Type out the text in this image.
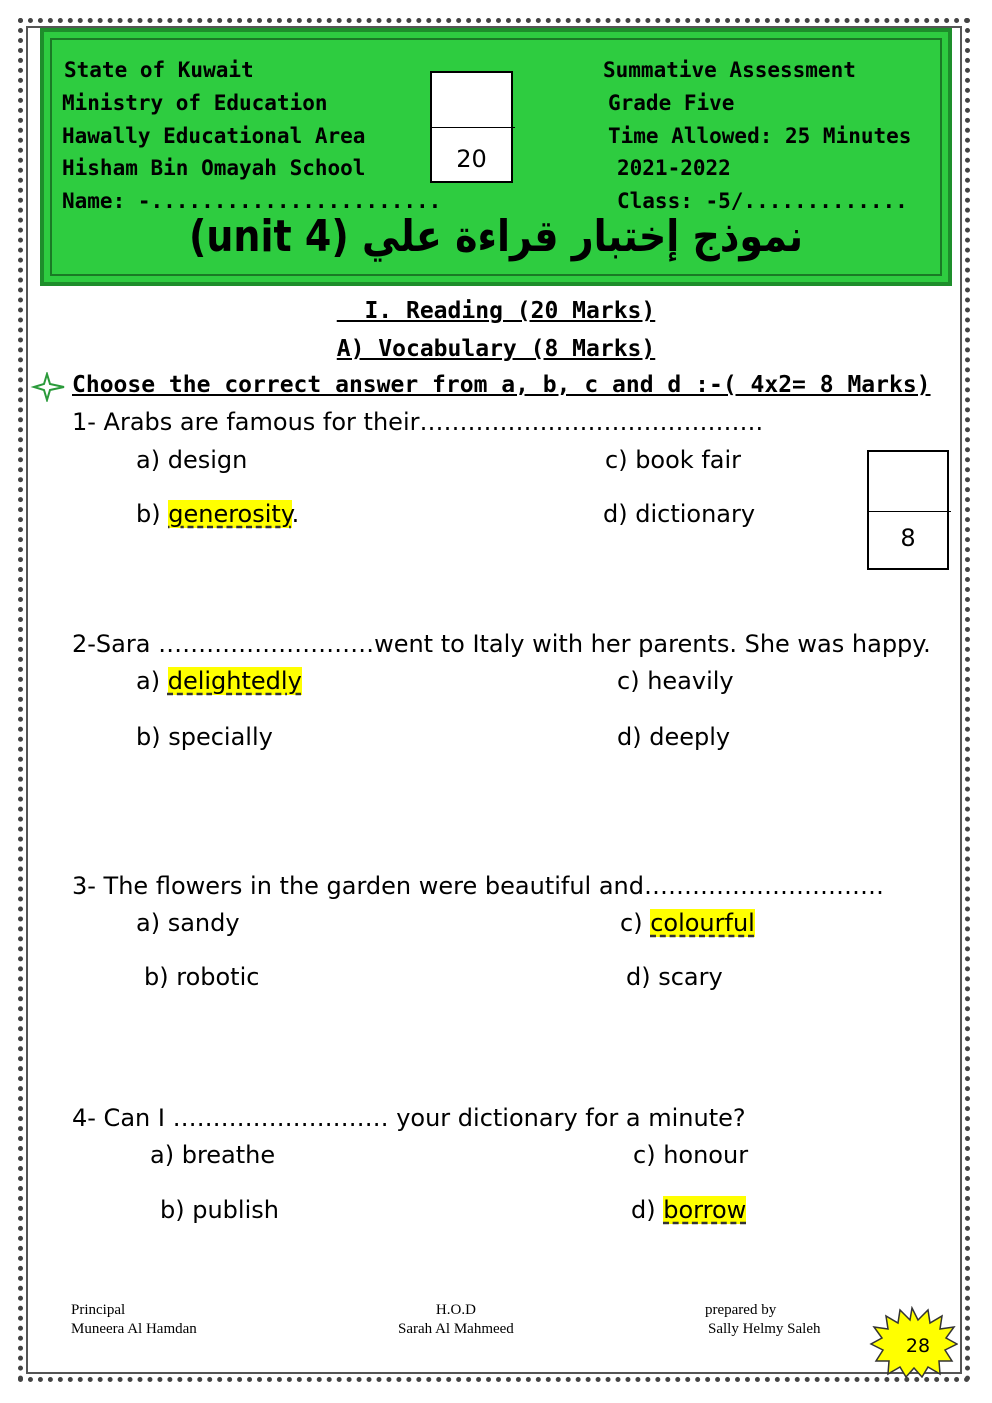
State of Kuwait
Ministry of Education
Hawally Educational Area
Hisham Bin Omayah School
Name: -.......................
Summative Assessment
Grade Five
Time Allowed: 25 Minutes
2021-2022
Class: -5/.............
20
نموذج إختبار قراءة علي (unit 4)
I. Reading (20 Marks)
A) Vocabulary (8 Marks)
Choose the correct answer from a, b, c and d :-( 4x2= 8 Marks)
8
1- Arabs are famous for their…………………………………….
a) design
b) generosity.
c) book fair
d) dictionary
2-Sara ………………………went to Italy with her parents. She was happy.
a) delightedly
b) specially
c) heavily
d) deeply
3- The flowers in the garden were beautiful and…………………………
a) sandy
b) robotic
c) colourful
d) scary
4- Can I ……………………… your dictionary for a minute?
a) breathe
b) publish
c) honour
d) borrow
Principal
Muneera Al Hamdan
H.O.D
Sarah Al Mahmeed
prepared by
Sally Helmy Saleh
28
